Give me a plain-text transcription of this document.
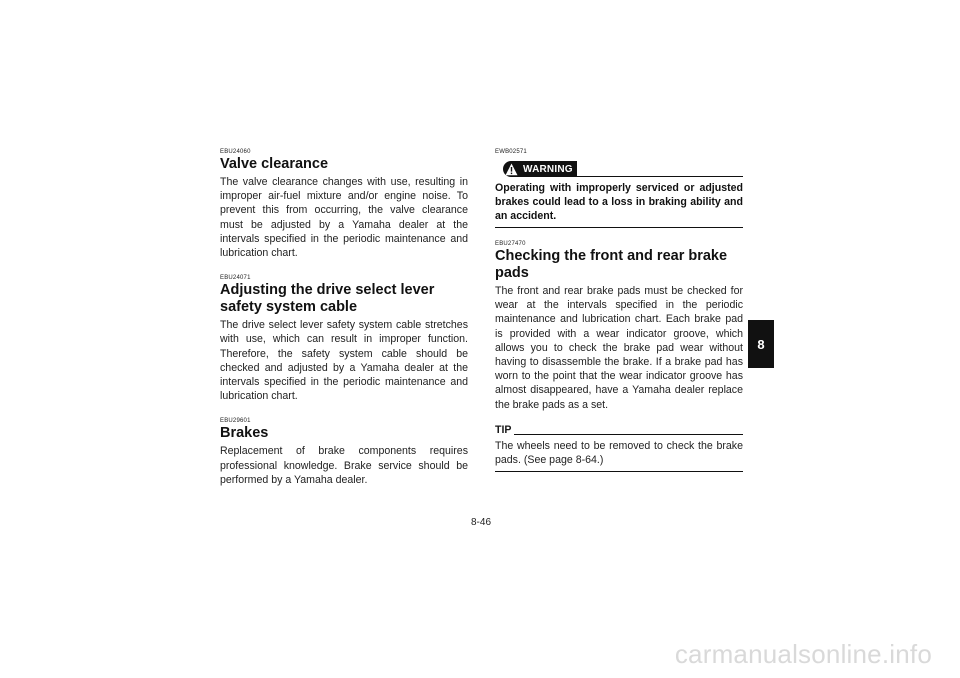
EBU24060
Valve clearance

The valve clearance changes with use, resulting in improper air-fuel mixture and/or engine noise. To prevent this from occurring, the valve clearance must be adjusted by a Yamaha dealer at the intervals specified in the periodic maintenance and lubrication chart.

EBU24071
Adjusting the drive select lever safety system cable

The drive select lever safety system cable stretches with use, which can result in improper function. Therefore, the safety system cable should be checked and adjusted by a Yamaha dealer at the intervals specified in the periodic maintenance and lubrication chart.

EBU29601
Brakes

Replacement of brake components requires professional knowledge. Brake service should be performed by a Yamaha dealer.

EWB02571
WARNING

Operating with improperly serviced or adjusted brakes could lead to a loss in braking ability and an accident.

EBU27470
Checking the front and rear brake pads

The front and rear brake pads must be checked for wear at the intervals specified in the periodic maintenance and lubrication chart. Each brake pad is provided with a wear indicator groove, which allows you to check the brake pad wear without having to disassemble the brake. If a brake pad has worn to the point that the wear indicator groove has almost disappeared, have a Yamaha dealer replace the brake pads as a set.

TIP

The wheels need to be removed to check the brake pads. (See page 8-64.)

8-46
8
carmanualsonline.info
